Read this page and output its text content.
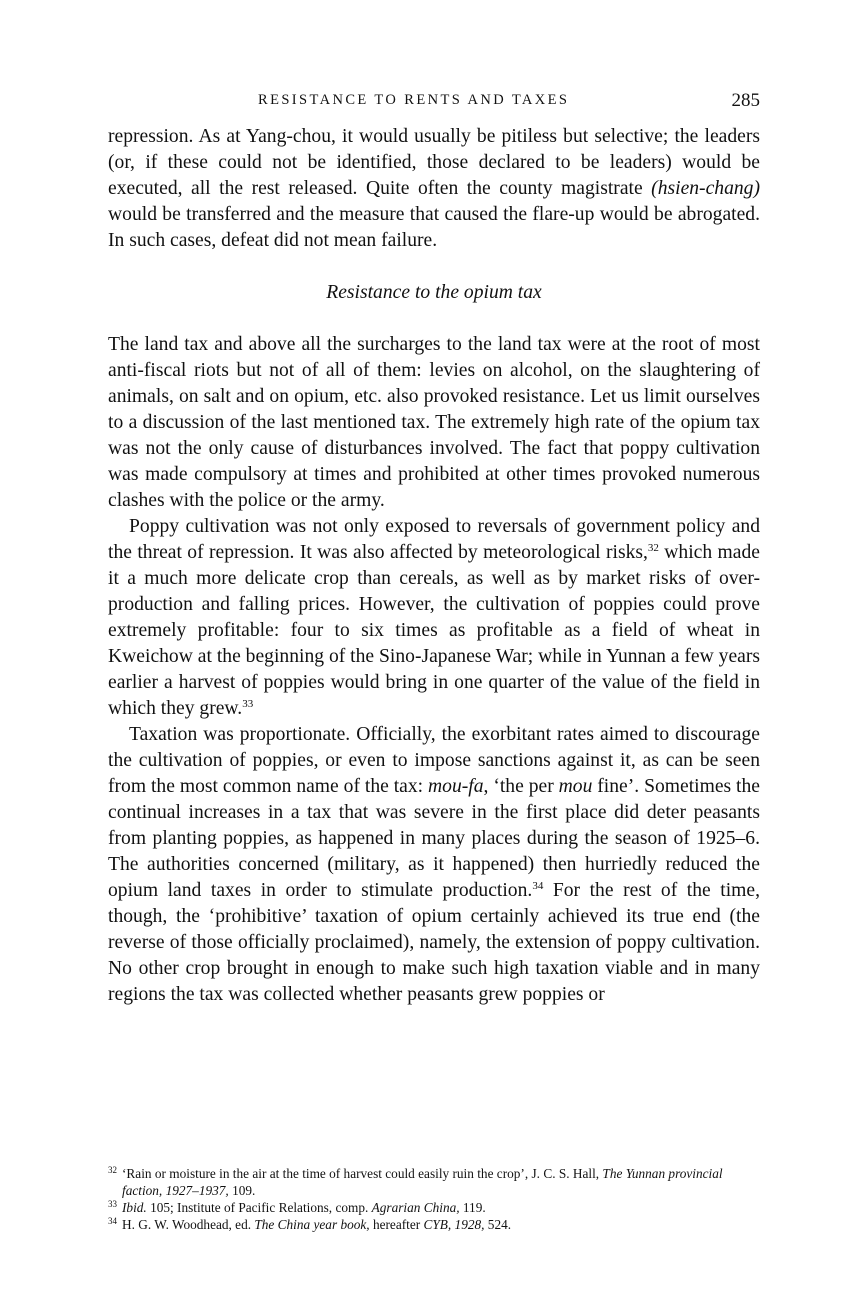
RESISTANCE TO RENTS AND TAXES	285

repression. As at Yang-chou, it would usually be pitiless but selective; the leaders (or, if these could not be identified, those declared to be leaders) would be executed, all the rest released. Quite often the county magistrate (hsien-chang) would be transferred and the measure that caused the flare-up would be abrogated. In such cases, defeat did not mean failure.

Resistance to the opium tax

The land tax and above all the surcharges to the land tax were at the root of most anti-fiscal riots but not of all of them: levies on alcohol, on the slaughtering of animals, on salt and on opium, etc. also provoked resistance. Let us limit ourselves to a discussion of the last mentioned tax. The extremely high rate of the opium tax was not the only cause of disturbances involved. The fact that poppy cultivation was made compulsory at times and prohibited at other times provoked numerous clashes with the police or the army.

Poppy cultivation was not only exposed to reversals of government policy and the threat of repression. It was also affected by meteorological risks,$^{32}$ which made it a much more delicate crop than cereals, as well as by market risks of over-production and falling prices. However, the cultivation of poppies could prove extremely profitable: four to six times as profitable as a field of wheat in Kweichow at the beginning of the Sino-Japanese War; while in Yunnan a few years earlier a harvest of poppies would bring in one quarter of the value of the field in which they grew.$^{33}$

Taxation was proportionate. Officially, the exorbitant rates aimed to discourage the cultivation of poppies, or even to impose sanctions against it, as can be seen from the most common name of the tax: mou-fa, ‘the per mou fine’. Sometimes the continual increases in a tax that was severe in the first place did deter peasants from planting poppies, as happened in many places during the season of 1925–6. The authorities concerned (military, as it happened) then hurriedly reduced the opium land taxes in order to stimulate production.$^{34}$ For the rest of the time, though, the ‘prohibitive’ taxation of opium certainly achieved its true end (the reverse of those officially proclaimed), namely, the extension of poppy cultivation. No other crop brought in enough to make such high taxation viable and in many regions the tax was collected whether peasants grew poppies or

32 ‘Rain or moisture in the air at the time of harvest could easily ruin the crop’, J. C. S. Hall, The Yunnan provincial faction, 1927–1937, 109.

33 Ibid. 105; Institute of Pacific Relations, comp. Agrarian China, 119.

34 H. G. W. Woodhead, ed. The China year book, hereafter CYB, 1928, 524.
